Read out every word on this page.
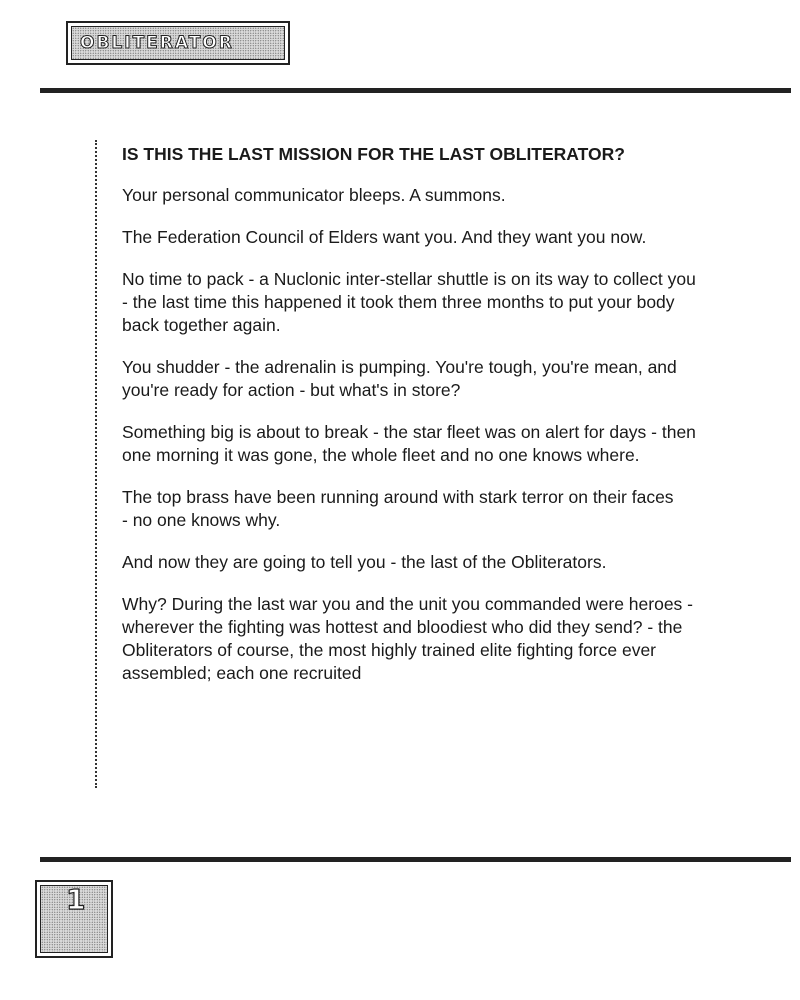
OBLITERATOR
IS THIS THE LAST MISSION FOR THE LAST OBLITERATOR?

Your personal communicator bleeps. A summons.

The Federation Council of Elders want you. And they want you now.

No time to pack - a Nuclonic inter-stellar shuttle is on its way to collect you - the last time this happened it took them three months to put your body back together again.

You shudder - the adrenalin is pumping. You're tough, you're mean, and you're ready for action - but what's in store?

Something big is about to break - the star fleet was on alert for days - then one morning it was gone, the whole fleet and no one knows where.

The top brass have been running around with stark terror on their faces - no one knows why.

And now they are going to tell you - the last of the Obliterators.

Why? During the last war you and the unit you commanded were heroes - wherever the fighting was hottest and bloodiest who did they send? - the Obliterators of course, the most highly trained elite fighting force ever assembled; each one recruited

1
